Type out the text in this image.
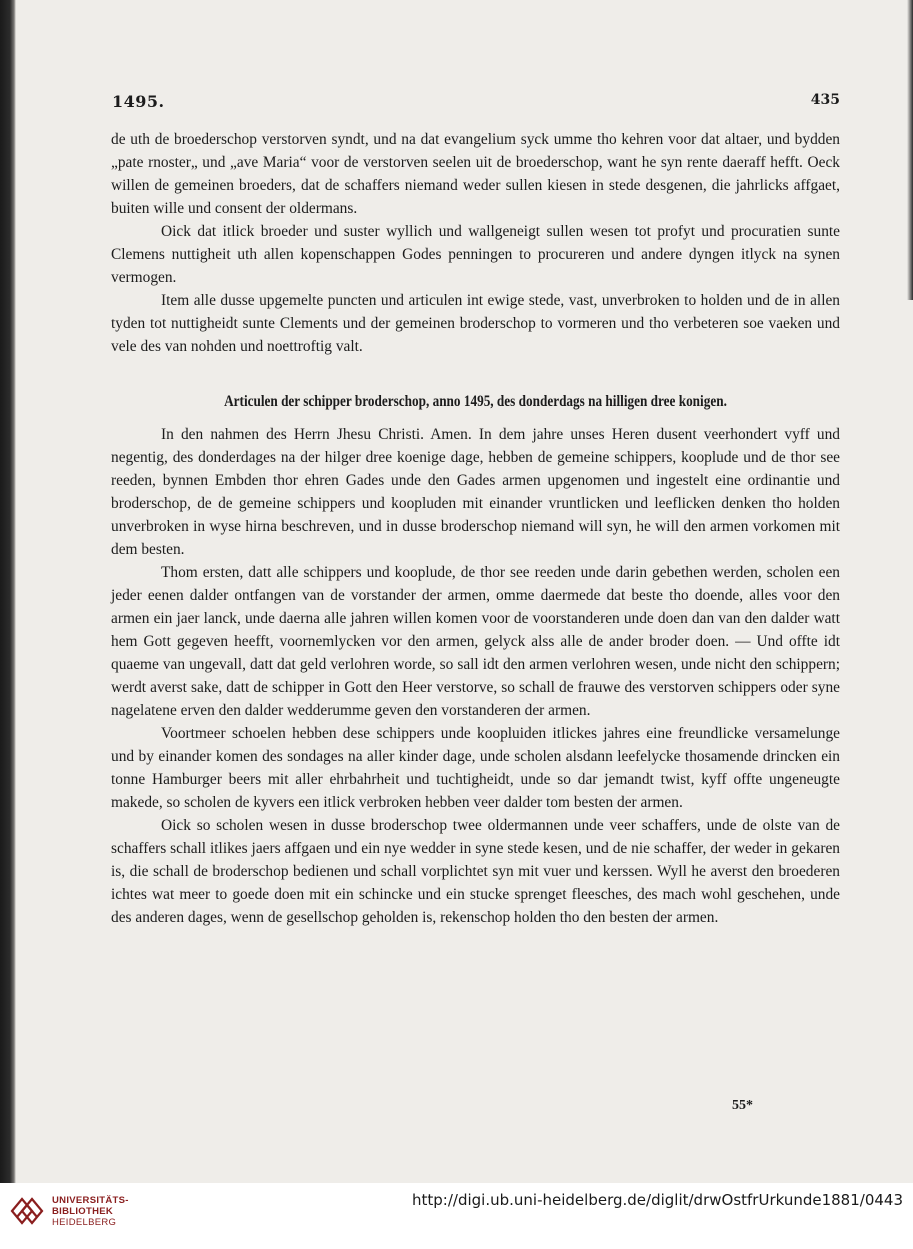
1495.	435

de uth de broederschop verstorven syndt, und na dat evangelium syck umme tho kehren voor dat altaer, und bydden „pate rnoster„ und „ave Maria“ voor de verstorven seelen uit de broederschop, want he syn rente daeraff hefft. Oeck willen de gemeinen broeders, dat de schaffers niemand weder sullen kiesen in stede desgenen, die jahrlicks affgaet, buiten wille und consent der oldermans.

Oick dat itlick broeder und suster wyllich und wallgeneigt sullen wesen tot profyt und procuratien sunte Clemens nuttigheit uth allen kopenschappen Godes penningen to procureren und andere dyngen itlyck na synen vermogen.

Item alle dusse upgemelte puncten und articulen int ewige stede, vast, unverbroken to holden und de in allen tyden tot nuttigheidt sunte Clements und der gemeinen broderschop to vormeren und tho verbeteren soe vaeken und vele des van nohden und noettroftig valt.

Articulen der schipper broderschop, anno 1495, des donderdags na hilligen dree konigen.

In den nahmen des Herrn Jhesu Christi. Amen. In dem jahre unses Heren dusent veerhondert vyff und negentig, des donderdages na der hilger dree koenige dage, hebben de gemeine schippers, kooplude und de thor see reeden, bynnen Embden thor ehren Gades unde den Gades armen upgenomen und ingestelt eine ordinantie und broderschop, de de gemeine schippers und koopluden mit einander vruntlicken und leeflicken denken tho holden unverbroken in wyse hirna beschreven, und in dusse broderschop niemand will syn, he will den armen vorkomen mit dem besten.

Thom ersten, datt alle schippers und kooplude, de thor see reeden unde darin gebethen werden, scholen een jeder eenen dalder ontfangen van de vorstander der armen, omme daermede dat beste tho doende, alles voor den armen ein jaer lanck, unde daerna alle jahren willen komen voor de voorstanderen unde doen dan van den dalder watt hem Gott gegeven heefft, voornemlycken vor den armen, gelyck alss alle de ander broder doen. — Und offte idt quaeme van ungevall, datt dat geld verlohren worde, so sall idt den armen verlohren wesen, unde nicht den schippern; werdt averst sake, datt de schipper in Gott den Heer verstorve, so schall de frauwe des verstorven schippers oder syne nagelatene erven den dalder wedderumme geven den vorstanderen der armen.

Voortmeer schoelen hebben dese schippers unde koopluiden itlickes jahres eine freundlicke versamelunge und by einander komen des sondages na aller kinder dage, unde scholen alsdann leefelycke thosamende drincken ein tonne Hamburger beers mit aller ehrbahrheit und tuchtigheidt, unde so dar jemandt twist, kyff offte ungeneugte makede, so scholen de kyvers een itlick verbroken hebben veer dalder tom besten der armen.

Oick so scholen wesen in dusse broderschop twee oldermannen unde veer schaffers, unde de olste van de schaffers schall itlikes jaers affgaen und ein nye wedder in syne stede kesen, und de nie schaffer, der weder in gekaren is, die schall de broderschop bedienen und schall vorplichtet syn mit vuer und kerssen. Wyll he averst den broederen ichtes wat meer to goede doen mit ein schincke und ein stucke sprenget fleesches, des mach wohl geschehen, unde des anderen dages, wenn de gesellschop geholden is, rekenschop holden tho den besten der armen.

55*
UNIVERSITÄTS-
BIBLIOTHEK
HEIDELBERG
http://digi.ub.uni-heidelberg.de/diglit/drwOstfrUrkunde1881/0443
